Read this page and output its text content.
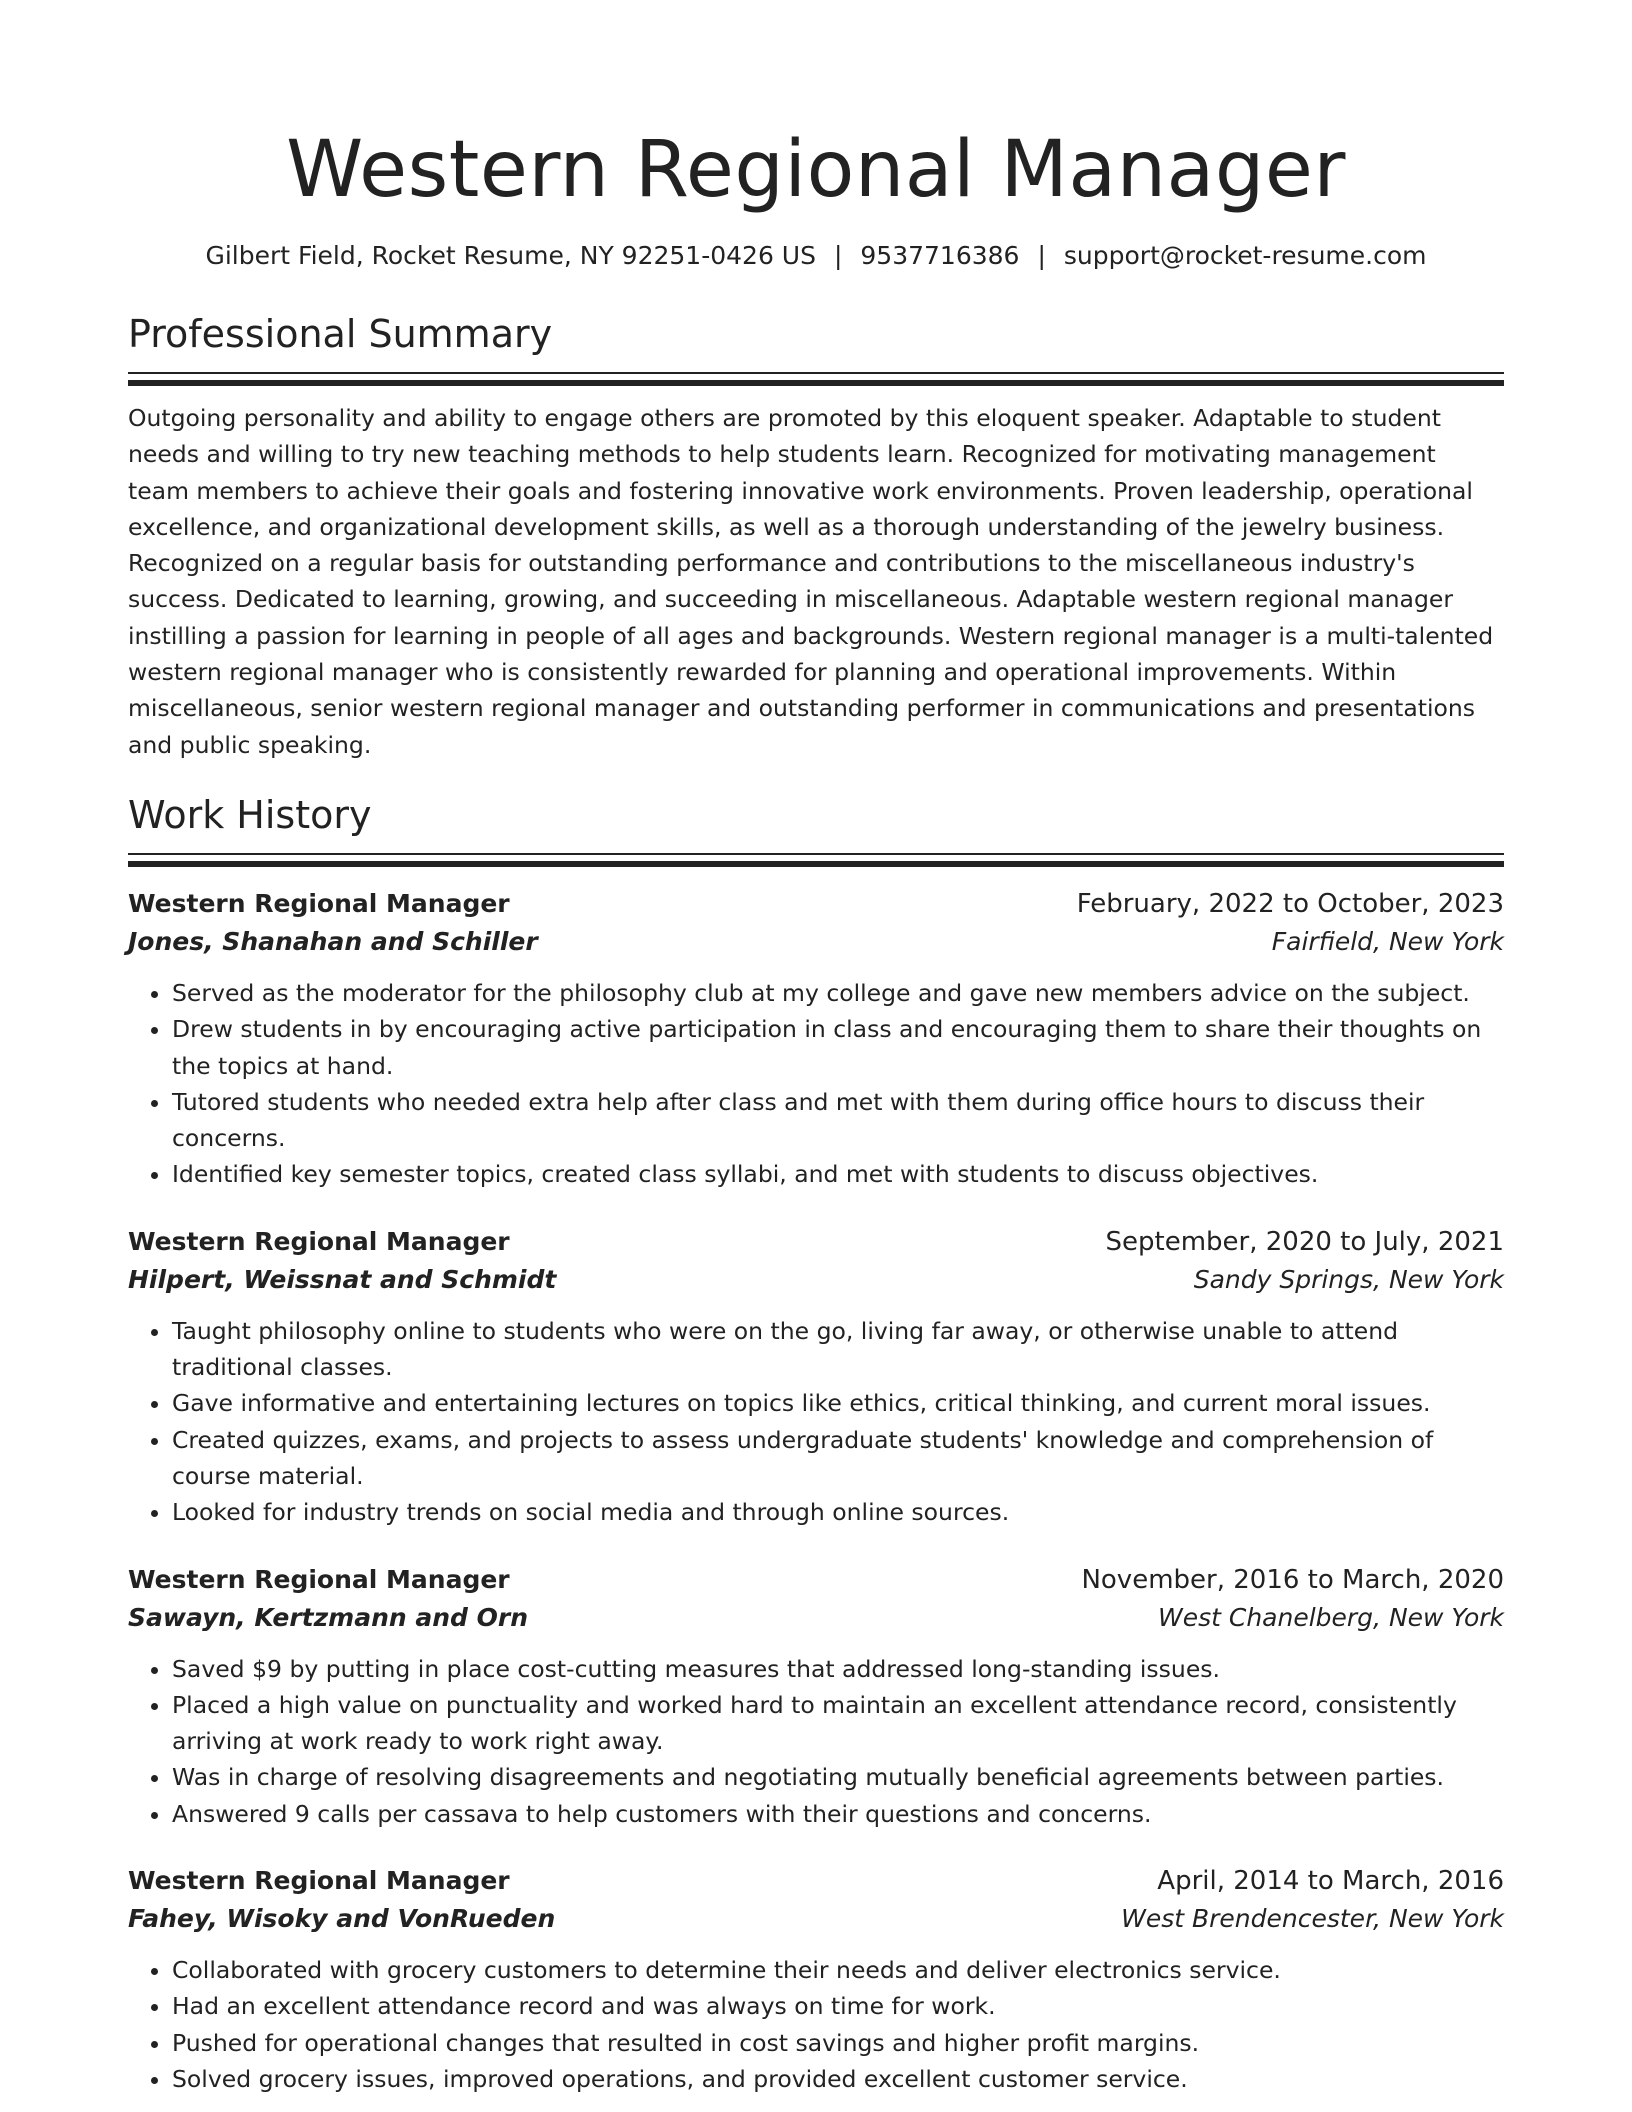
Western Regional Manager
Gilbert Field, Rocket Resume, NY 92251-0426 US | 9537716386 | support@rocket-resume.com
Professional Summary

Outgoing personality and ability to engage others are promoted by this eloquent speaker. Adaptable to student needs and willing to try new teaching methods to help students learn. Recognized for motivating management team members to achieve their goals and fostering innovative work environments. Proven leadership, operational excellence, and organizational development skills, as well as a thorough understanding of the jewelry business. Recognized on a regular basis for outstanding performance and contributions to the miscellaneous industry's success. Dedicated to learning, growing, and succeeding in miscellaneous. Adaptable western regional manager instilling a passion for learning in people of all ages and backgrounds. Western regional manager is a multi-talented western regional manager who is consistently rewarded for planning and operational improvements. Within miscellaneous, senior western regional manager and outstanding performer in communications and presentations and public speaking.

Work History
Western Regional Manager	February, 2022 to October, 2023
Jones, Shanahan and Schiller	Fairfield, New York
• Served as the moderator for the philosophy club at my college and gave new members advice on the subject.
• Drew students in by encouraging active participation in class and encouraging them to share their thoughts on the topics at hand.
• Tutored students who needed extra help after class and met with them during office hours to discuss their concerns.
• Identified key semester topics, created class syllabi, and met with students to discuss objectives.
Western Regional Manager	September, 2020 to July, 2021
Hilpert, Weissnat and Schmidt	Sandy Springs, New York
• Taught philosophy online to students who were on the go, living far away, or otherwise unable to attend traditional classes.
• Gave informative and entertaining lectures on topics like ethics, critical thinking, and current moral issues.
• Created quizzes, exams, and projects to assess undergraduate students' knowledge and comprehension of course material.
• Looked for industry trends on social media and through online sources.
Western Regional Manager	November, 2016 to March, 2020
Sawayn, Kertzmann and Orn	West Chanelberg, New York
• Saved $9 by putting in place cost-cutting measures that addressed long-standing issues.
• Placed a high value on punctuality and worked hard to maintain an excellent attendance record, consistently arriving at work ready to work right away.
• Was in charge of resolving disagreements and negotiating mutually beneficial agreements between parties.
• Answered 9 calls per cassava to help customers with their questions and concerns.
Western Regional Manager	April, 2014 to March, 2016
Fahey, Wisoky and VonRueden	West Brendencester, New York
• Collaborated with grocery customers to determine their needs and deliver electronics service.
• Had an excellent attendance record and was always on time for work.
• Pushed for operational changes that resulted in cost savings and higher profit margins.
• Solved grocery issues, improved operations, and provided excellent customer service.
